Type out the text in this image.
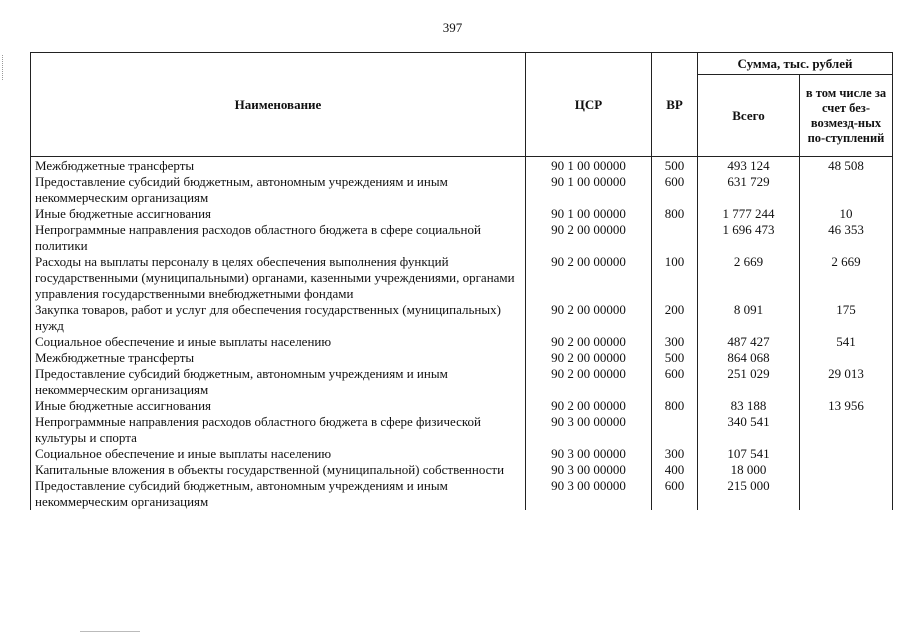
397
Наименование	ЦСР	ВР	Сумма, тыс. рублей	
			Всего	в том числе за счет без-возмезд-ных по-ступлений
Межбюджетные трансферты	90 1 00 00000	500	493 124	48 508
Предоставление субсидий бюджетным, автономным учреждениям и иным некоммерческим организациям	90 1 00 00000	600	631 729	
Иные бюджетные ассигнования	90 1 00 00000	800	1 777 244	10
Непрограммные направления расходов областного бюджета в сфере социальной политики	90 2 00 00000		1 696 473	46 353
Расходы на выплаты персоналу в целях обеспечения выполнения функций государственными (муниципальными) органами, казенными учреждениями, органами управления государственными внебюджетными фондами	90 2 00 00000	100	2 669	2 669
Закупка товаров, работ и услуг для обеспечения государственных (муниципальных) нужд	90 2 00 00000	200	8 091	175
Социальное обеспечение и иные выплаты населению	90 2 00 00000	300	487 427	541
Межбюджетные трансферты	90 2 00 00000	500	864 068	
Предоставление субсидий бюджетным, автономным учреждениям и иным некоммерческим организациям	90 2 00 00000	600	251 029	29 013
Иные бюджетные ассигнования	90 2 00 00000	800	83 188	13 956
Непрограммные направления расходов областного бюджета в сфере физической культуры и спорта	90 3 00 00000		340 541	
Социальное обеспечение и иные выплаты населению	90 3 00 00000	300	107 541	
Капитальные вложения в объекты государственной (муниципальной) собственности	90 3 00 00000	400	18 000	
Предоставление субсидий бюджетным, автономным учреждениям и иным некоммерческим организациям	90 3 00 00000	600	215 000	
